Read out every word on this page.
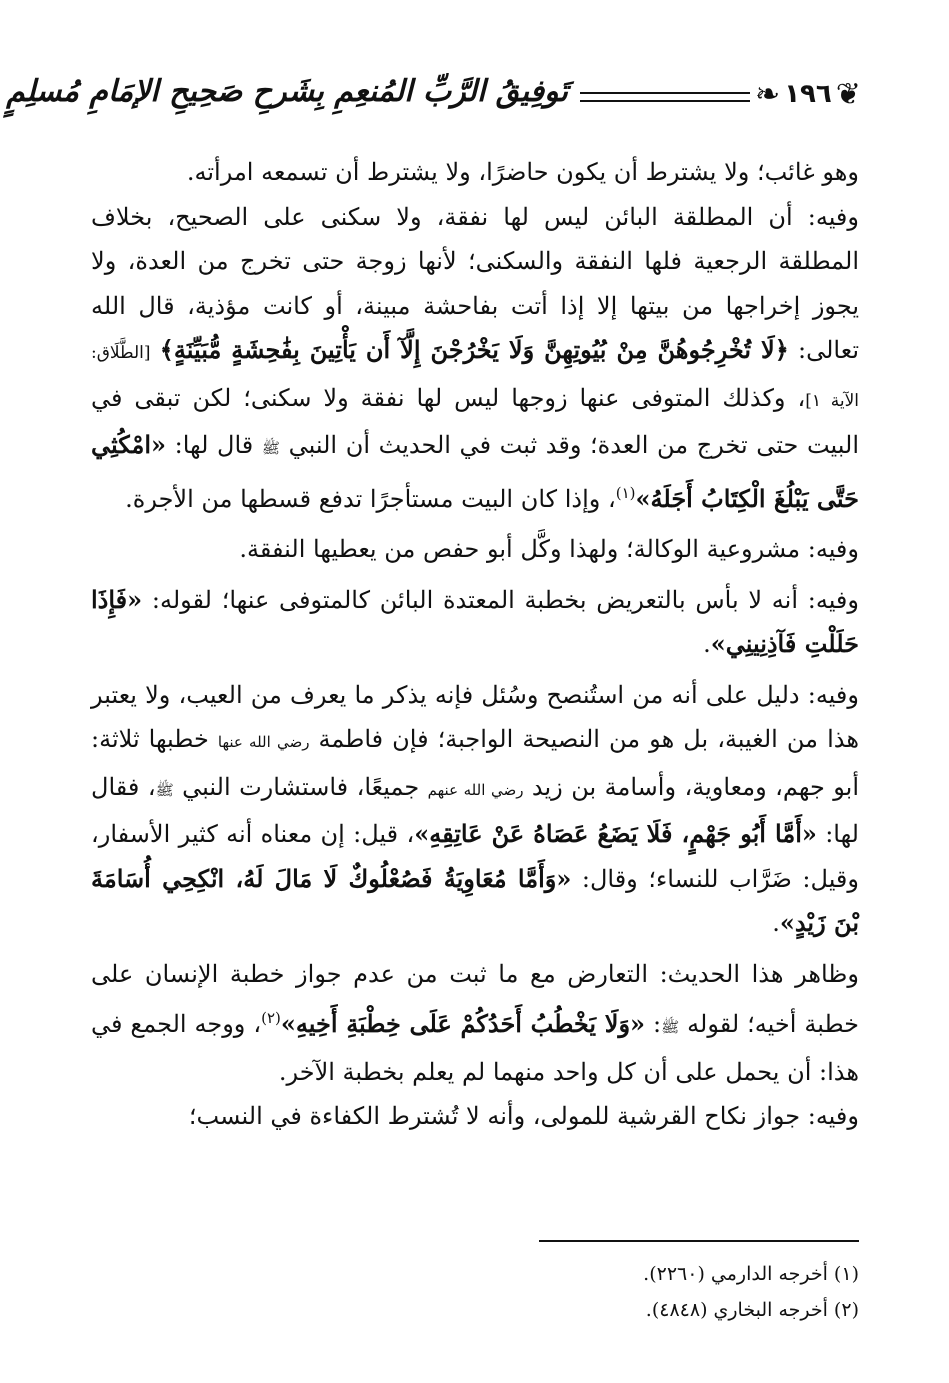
❦
١٩٦
❧
تَوفِيقُ الرَّبِّ المُنعِمِ بِشَرحِ صَحِيحِ الإمَامِ مُسلِمٍ

وهو غائب؛ ولا يشترط أن يكون حاضرًا، ولا يشترط أن تسمعه امرأته.

وفيه: أن المطلقة البائن ليس لها نفقة، ولا سكنى على الصحيح، بخلاف المطلقة الرجعية فلها النفقة والسكنى؛ لأنها زوجة حتى تخرج من العدة، ولا يجوز إخراجها من بيتها إلا إذا أتت بفاحشة مبينة، أو كانت مؤذية، قال الله تعالى: ﴿لَا تُخْرِجُوهُنَّ مِنْ بُيُوتِهِنَّ وَلَا يَخْرُجْنَ إِلَّآ أَن يَأْتِينَ بِفَٰحِشَةٍ مُّبَيِّنَةٍ﴾ [الطَّلَاق: الآية ١]، وكذلك المتوفى عنها زوجها ليس لها نفقة ولا سكنى؛ لكن تبقى في البيت حتى تخرج من العدة؛ وقد ثبت في الحديث أن النبي ﷺ قال لها: «امْكُثِي حَتَّى يَبْلُغَ الْكِتَابُ أَجَلَهُ»$^{(١)}$، وإذا كان البيت مستأجرًا تدفع قسطها من الأجرة.

وفيه: مشروعية الوكالة؛ ولهذا وكَّل أبو حفص من يعطيها النفقة.

وفيه: أنه لا بأس بالتعريض بخطبة المعتدة البائن كالمتوفى عنها؛ لقوله: «فَإِذَا حَلَلْتِ فَآذِنِينِي».

وفيه: دليل على أنه من استُنصح وسُئل فإنه يذكر ما يعرف من العيب، ولا يعتبر هذا من الغيبة، بل هو من النصيحة الواجبة؛ فإن فاطمة رضي الله عنها خطبها ثلاثة: أبو جهم، ومعاوية، وأسامة بن زيد رضي الله عنهم جميعًا، فاستشارت النبي ﷺ، فقال لها: «أَمَّا أَبُو جَهْمٍ، فَلَا يَضَعُ عَصَاهُ عَنْ عَاتِقِهِ»، قيل: إن معناه أنه كثير الأسفار، وقيل: ضَرَّاب للنساء؛ وقال: «وَأَمَّا مُعَاوِيَةُ فَصُعْلُوكٌ لَا مَالَ لَهُ، انْكِحِي أُسَامَةَ بْنَ زَيْدٍ».

وظاهر هذا الحديث: التعارض مع ما ثبت من عدم جواز خطبة الإنسان على خطبة أخيه؛ لقوله ﷺ: «وَلَا يَخْطُبُ أَحَدُكُمْ عَلَى خِطْبَةِ أَخِيهِ»$^{(٢)}$، ووجه الجمع في هذا: أن يحمل على أن كل واحد منهما لم يعلم بخطبة الآخر.

وفيه: جواز نكاح القرشية للمولى، وأنه لا تُشترط الكفاءة في النسب؛

(١) أخرجه الدارمي (٢٢٦٠).

(٢) أخرجه البخاري (٤٨٤٨).
